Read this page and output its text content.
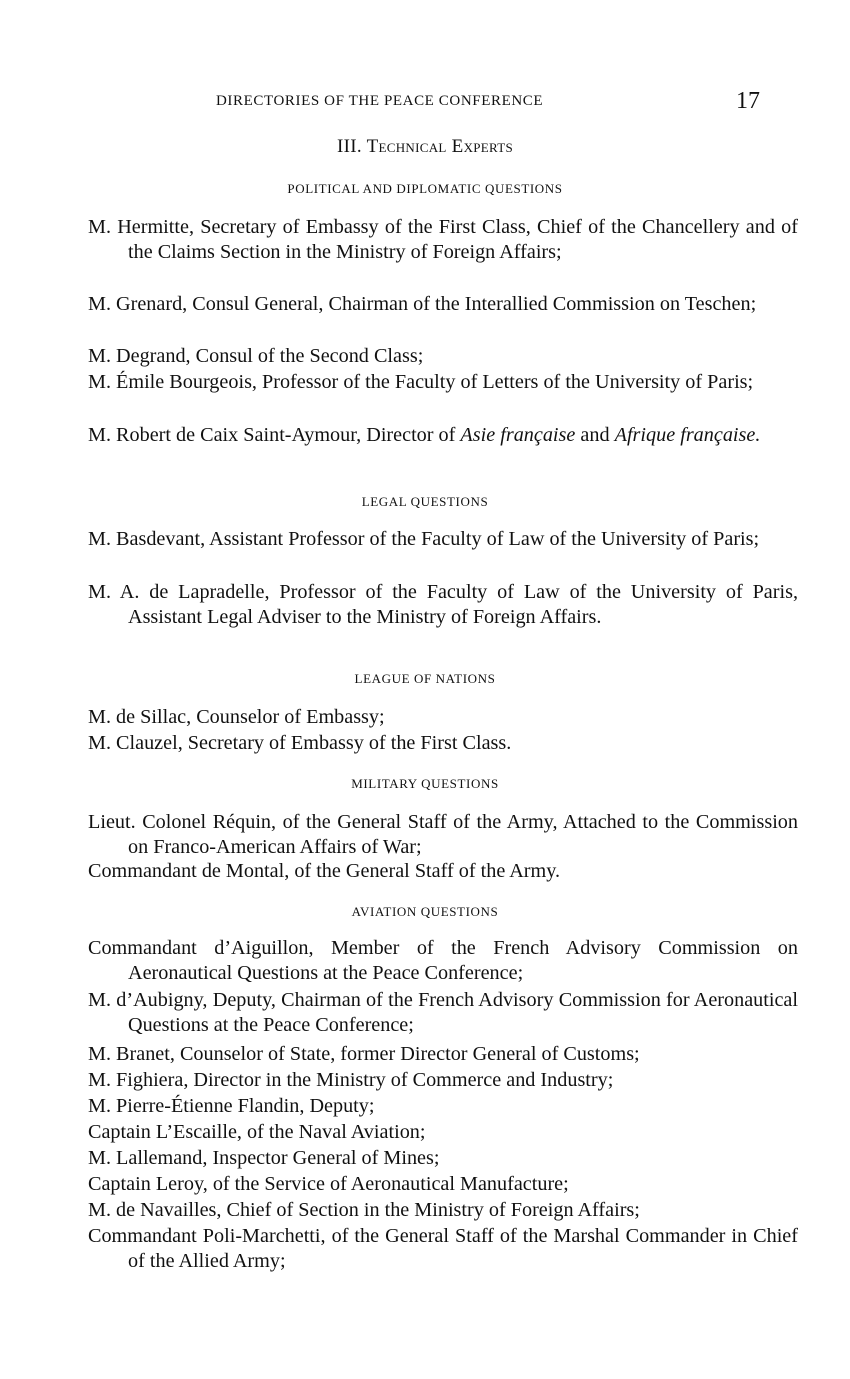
DIRECTORIES OF THE PEACE CONFERENCE	17
III. Technical Experts
POLITICAL AND DIPLOMATIC QUESTIONS
M. Hermitte, Secretary of Embassy of the First Class, Chief of the Chancellery and of the Claims Section in the Ministry of Foreign Affairs;
M. Grenard, Consul General, Chairman of the Interallied Commission on Teschen;
M. Degrand, Consul of the Second Class;
M. Émile Bourgeois, Professor of the Faculty of Letters of the University of Paris;
M. Robert de Caix Saint-Aymour, Director of Asie française and Afrique française.
LEGAL QUESTIONS
M. Basdevant, Assistant Professor of the Faculty of Law of the University of Paris;
M. A. de Lapradelle, Professor of the Faculty of Law of the University of Paris, Assistant Legal Adviser to the Ministry of Foreign Affairs.
LEAGUE OF NATIONS
M. de Sillac, Counselor of Embassy;
M. Clauzel, Secretary of Embassy of the First Class.
MILITARY QUESTIONS
Lieut. Colonel Réquin, of the General Staff of the Army, Attached to the Commission on Franco-American Affairs of War;
Commandant de Montal, of the General Staff of the Army.
AVIATION QUESTIONS
Commandant d’Aiguillon, Member of the French Advisory Commission on Aeronautical Questions at the Peace Conference;
M. d’Aubigny, Deputy, Chairman of the French Advisory Commission for Aeronautical Questions at the Peace Conference;
M. Branet, Counselor of State, former Director General of Customs;
M. Fighiera, Director in the Ministry of Commerce and Industry;
M. Pierre-Étienne Flandin, Deputy;
Captain L’Escaille, of the Naval Aviation;
M. Lallemand, Inspector General of Mines;
Captain Leroy, of the Service of Aeronautical Manufacture;
M. de Navailles, Chief of Section in the Ministry of Foreign Affairs;
Commandant Poli-Marchetti, of the General Staff of the Marshal Commander in Chief of the Allied Army;
